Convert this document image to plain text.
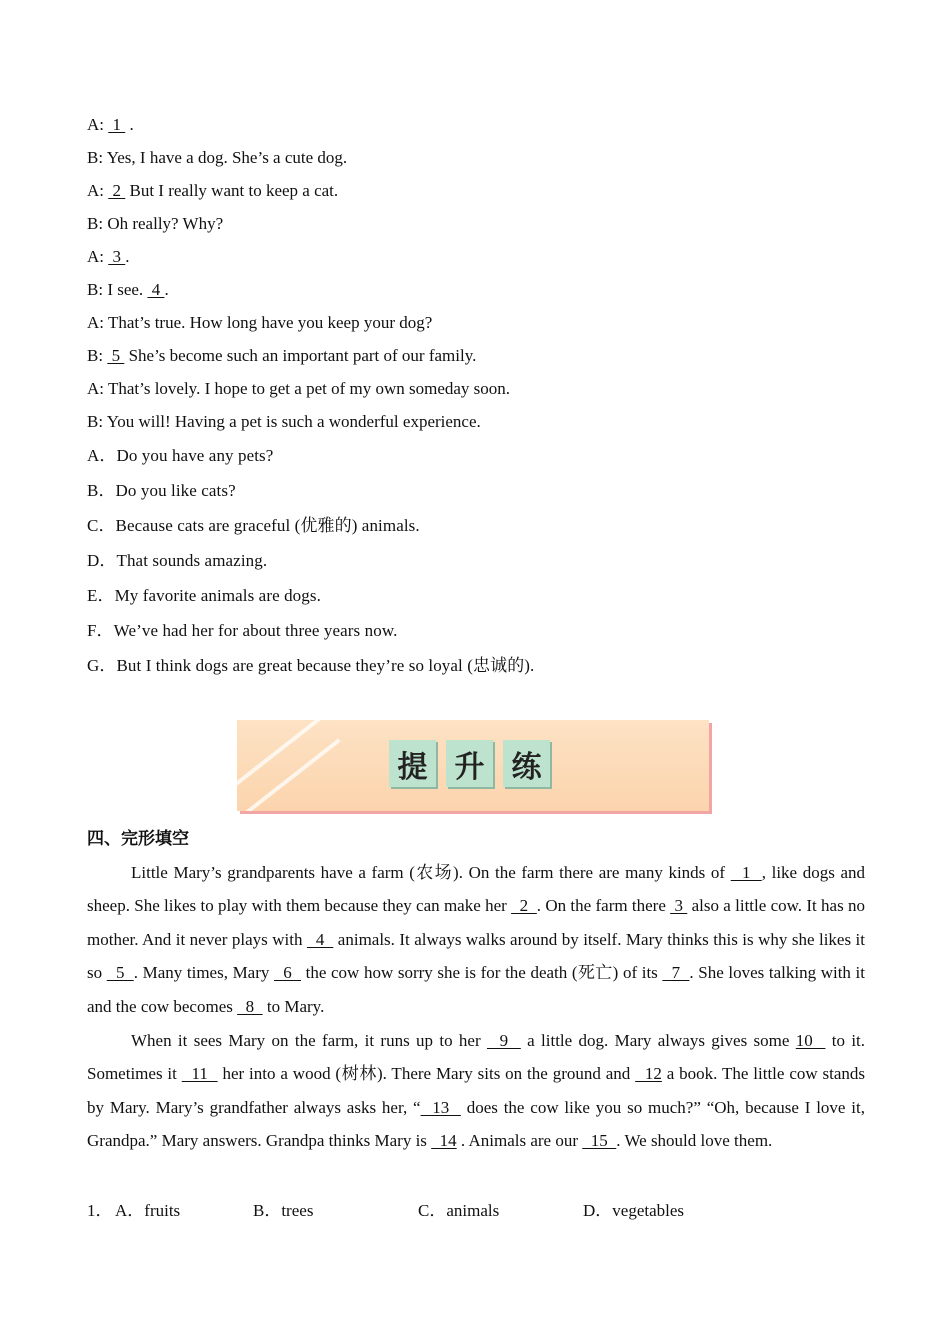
A:  1  .
B: Yes, I have a dog. She’s a cute dog.
A:  2  But I really want to keep a cat.
B: Oh really? Why?
A:  3 .
B: I see.  4 .
A: That’s true. How long have you keep your dog?
B:  5  She’s become such an important part of our family.
A: That’s lovely. I hope to get a pet of my own someday soon.
B: You will! Having a pet is such a wonderful experience.
A．Do you have any pets?
B．Do you like cats?
C．Because cats are graceful (优雅的) animals.
D．That sounds amazing.
E．My favorite animals are dogs.
F．We’ve had her for about three years now.
G．But I think dogs are great because they’re so loyal (忠诚的).
四、完形填空

Little Mary’s grandparents have a farm (农场). On the farm there are many kinds of   1  , like dogs and sheep. She likes to play with them because they can make her   2  . On the farm there  3  also a little cow. It has no mother. And it never plays with   4   animals. It always walks around by itself. Mary thinks this is why she likes it so   5  . Many times, Mary   6   the cow how sorry she is for the death (死亡) of its   7  . She loves talking with it and the cow becomes   8   to Mary.

When it sees Mary on the farm, it runs up to her   9   a little dog. Mary always gives some 10   to it. Sometimes it   11   her into a wood (树林). There Mary sits on the ground and   12 a book. The little cow stands by Mary. Mary’s grandfather always asks her, “  13   does the cow like you so much?” “Oh, because I love it, Grandpa.” Mary answers. Grandpa thinks Mary is   14 . Animals are our   15  . We should love them.

1． A．fruits	B．trees	C．animals	D．vegetables
提 升 练
